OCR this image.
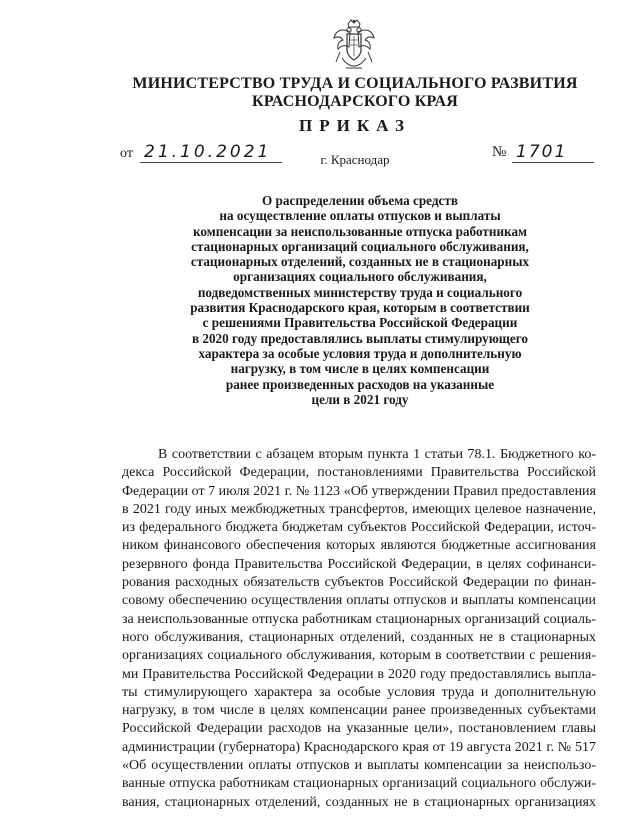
МИНИСТЕРСТВО ТРУДА И СОЦИАЛЬНОГО РАЗВИТИЯ
КРАСНОДАРСКОГО КРАЯ
ПРИКАЗ
от 21.10.2021	№ 1701
г. Краснодар
О распределении объема средств
на осуществление оплаты отпусков и выплаты
компенсации за неиспользованные отпуска работникам
стационарных организаций социального обслуживания,
стационарных отделений, созданных не в стационарных
организациях социального обслуживания,
подведомственных министерству труда и социального
развития Краснодарского края, которым в соответствии
с решениями Правительства Российской Федерации
в 2020 году предоставлялись выплаты стимулирующего
характера за особые условия труда и дополнительную
нагрузку, в том числе в целях компенсации
ранее произведенных расходов на указанные
цели в 2021 году
В соответствии с абзацем вторым пункта 1 статьи 78.1. Бюджетного ко-
декса Российской Федерации, постановлениями Правительства Российской
Федерации от 7 июля 2021 г. № 1123 «Об утверждении Правил предоставления
в 2021 году иных межбюджетных трансфертов, имеющих целевое назначение,
из федерального бюджета бюджетам субъектов Российской Федерации, источ-
ником финансового обеспечения которых являются бюджетные ассигнования
резервного фонда Правительства Российской Федерации, в целях софинанси-
рования расходных обязательств субъектов Российской Федерации по финан-
совому обеспечению осуществления оплаты отпусков и выплаты компенсации
за неиспользованные отпуска работникам стационарных организаций социаль-
ного обслуживания, стационарных отделений, созданных не в стационарных
организациях социального обслуживания, которым в соответствии с решения-
ми Правительства Российской Федерации в 2020 году предоставлялись выпла-
ты стимулирующего характера за особые условия труда и дополнительную
нагрузку, в том числе в целях компенсации ранее произведенных субъектами
Российской Федерации расходов на указанные цели», постановлением главы
администрации (губернатора) Краснодарского края от 19 августа 2021 г. № 517
«Об осуществлении оплаты отпусков и выплаты компенсации за неиспользо-
ванные отпуска работникам стационарных организаций социального обслужи-
вания, стационарных отделений, созданных не в стационарных организациях
